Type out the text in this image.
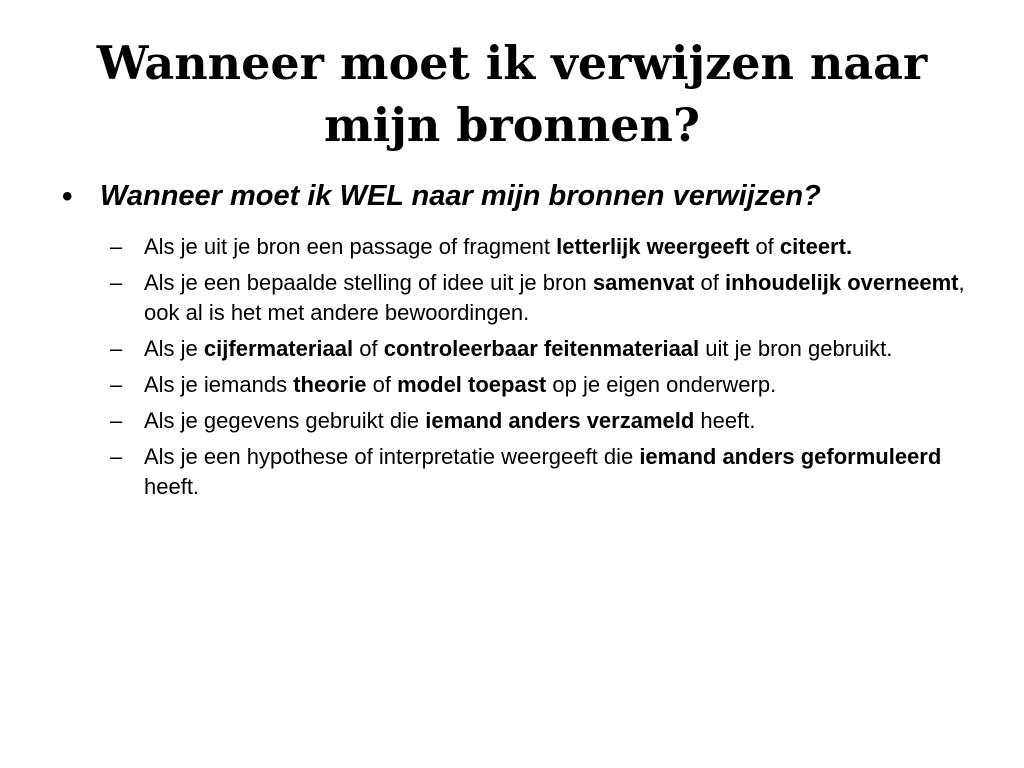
Wanneer moet ik verwijzen naar mijn bronnen?
• Wanneer moet ik WEL naar mijn bronnen verwijzen?
– Als je uit je bron een passage of fragment letterlijk weergeeft of citeert.
– Als je een bepaalde stelling of idee uit je bron samenvat of inhoudelijk overneemt, ook al is het met andere bewoordingen.
– Als je cijfermateriaal of controleerbaar feitenmateriaal uit je bron gebruikt.
– Als je iemands theorie of model toepast op je eigen onderwerp.
– Als je gegevens gebruikt die iemand anders verzameld heeft.
– Als je een hypothese of interpretatie weergeeft die iemand anders geformuleerd heeft.
